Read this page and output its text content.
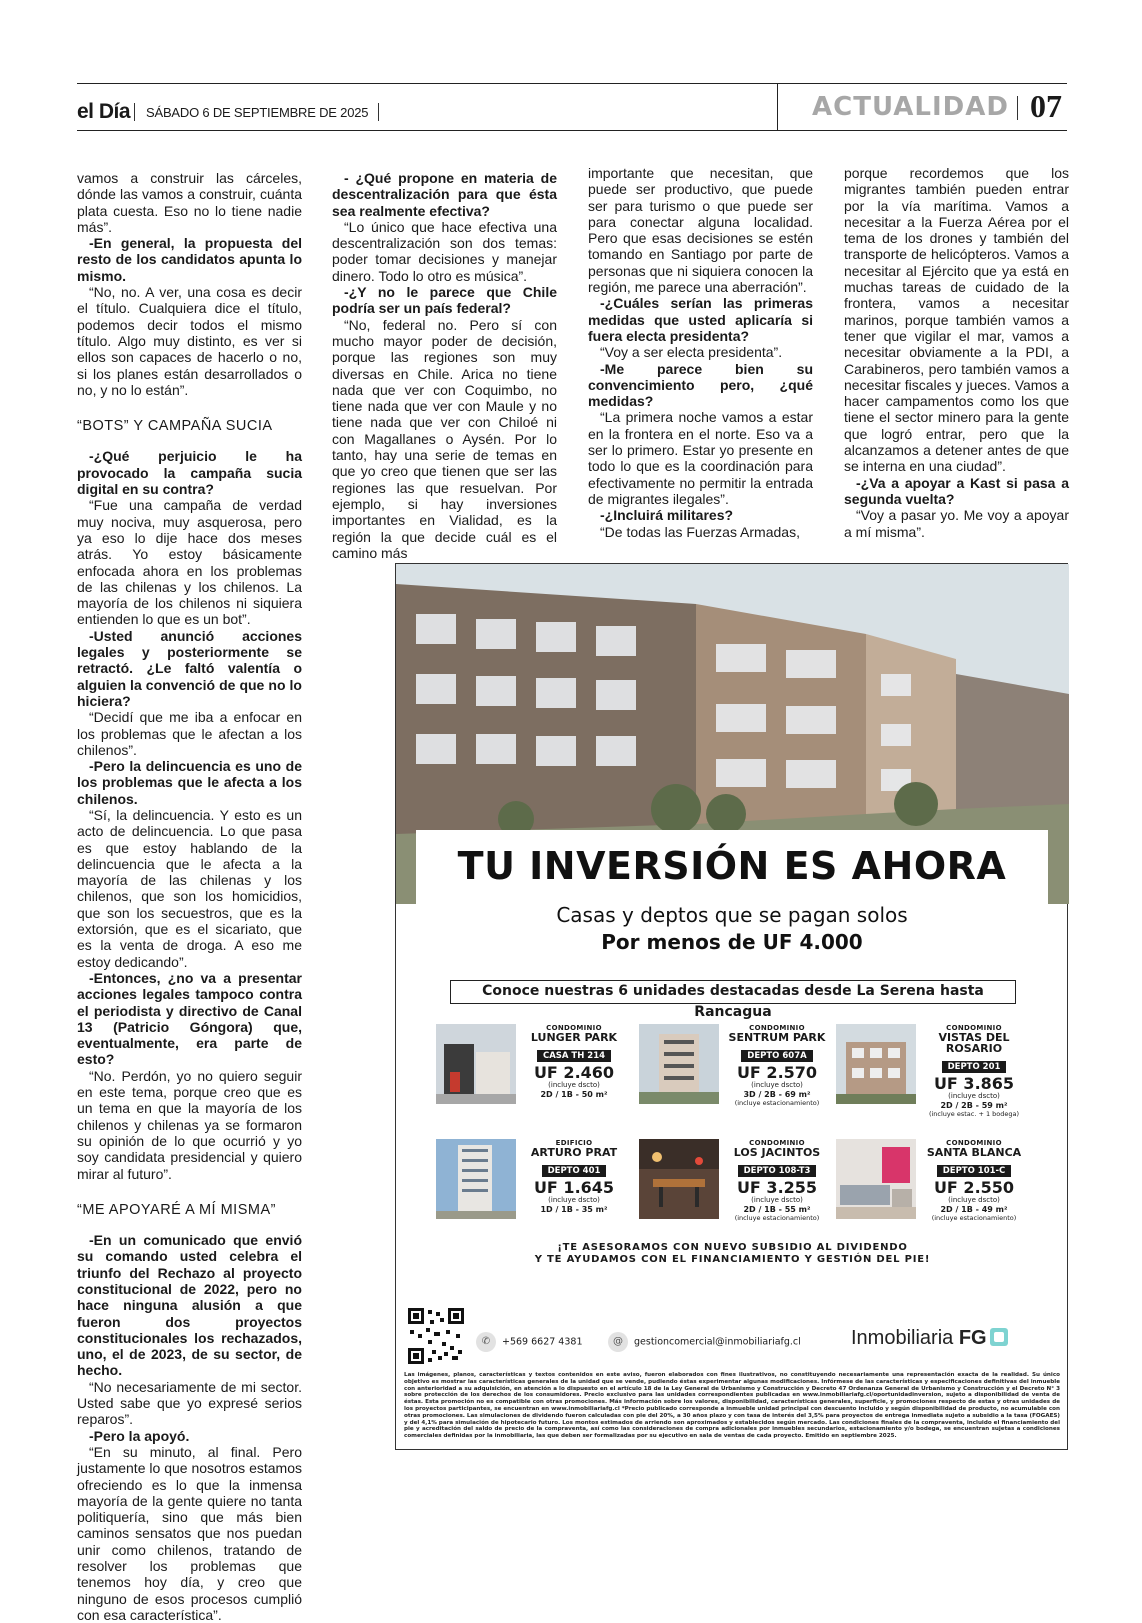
el Día SÁBADO 6 DE SEPTIEMBRE DE 2025	ACTUALIDAD 07

vamos a construir las cárceles, dónde las vamos a construir, cuánta plata cuesta. Eso no lo tiene nadie más”.

-En general, la propuesta del resto de los candidatos apunta lo mismo.

“No, no. A ver, una cosa es decir el título. Cualquiera dice el título, podemos decir todos el mismo título. Algo muy distinto, es ver si ellos son capaces de hacerlo o no, si los planes están desarrollados o no, y no lo están”.

“BOTS” Y CAMPAÑA SUCIA

-¿Qué perjuicio le ha provocado la campaña sucia digital en su contra?

“Fue una campaña de verdad muy nociva, muy asquerosa, pero ya eso lo dije hace dos meses atrás. Yo estoy básicamente enfocada ahora en los problemas de las chilenas y los chilenos. La mayoría de los chilenos ni siquiera entienden lo que es un bot”.

-Usted anunció acciones legales y posteriormente se retractó. ¿Le faltó valentía o alguien la convenció de que no lo hiciera?

“Decidí que me iba a enfocar en los problemas que le afectan a los chilenos”.

-Pero la delincuencia es uno de los problemas que le afecta a los chilenos.

“Sí, la delincuencia. Y esto es un acto de delincuencia. Lo que pasa es que estoy hablando de la delincuencia que le afecta a la mayoría de las chilenas y los chilenos, que son los homicidios, que son los secuestros, que es la extorsión, que es el sicariato, que es la venta de droga. A eso me estoy dedicando”.

-Entonces, ¿no va a presentar acciones legales tampoco contra el periodista y directivo de Canal 13 (Patricio Góngora) que, eventualmente, era parte de esto?

“No. Perdón, yo no quiero seguir en este tema, porque creo que es un tema en que la mayoría de los chilenos y chilenas ya se formaron su opinión de lo que ocurrió y yo soy candidata presidencial y quiero mirar al futuro”.

“ME APOYARÉ A MÍ MISMA”

-En un comunicado que envió su comando usted celebra el triunfo del Rechazo al proyecto constitucional de 2022, pero no hace ninguna alusión a que fueron dos proyectos constitucionales los rechazados, uno, el de 2023, de su sector, de hecho.

“No necesariamente de mi sector. Usted sabe que yo expresé serios reparos”.

-Pero la apoyó.

“En su minuto, al final. Pero justamente lo que nosotros estamos ofreciendo es lo que la inmensa mayoría de la gente quiere no tanta politiquería, sino que más bien caminos sensatos que nos puedan unir como chilenos, tratando de resolver los problemas que tenemos hoy día, y creo que ninguno de esos procesos cumplió con esa característica”.

- ¿Qué propone en materia de descentralización para que ésta sea realmente efectiva?

“Lo único que hace efectiva una descentralización son dos temas: poder tomar decisiones y manejar dinero. Todo lo otro es música”.

-¿Y no le parece que Chile podría ser un país federal?

“No, federal no. Pero sí con mucho mayor poder de decisión, porque las regiones son muy diversas en Chile. Arica no tiene nada que ver con Coquimbo, no tiene nada que ver con Maule y no tiene nada que ver con Chiloé ni con Magallanes o Aysén. Por lo tanto, hay una serie de temas en que yo creo que tienen que ser las regiones las que resuelvan. Por ejemplo, si hay inversiones importantes en Vialidad, es la región la que decide cuál es el camino más

importante que necesitan, que puede ser productivo, que puede ser para turismo o que puede ser para conectar alguna localidad. Pero que esas decisiones se estén tomando en Santiago por parte de personas que ni siquiera conocen la región, me parece una aberración”.

-¿Cuáles serían las primeras medidas que usted aplicaría si fuera electa presidenta?

“Voy a ser electa presidenta”.

-Me parece bien su convencimiento pero, ¿qué medidas?

“La primera noche vamos a estar en la frontera en el norte. Eso va a ser lo primero. Estar yo presente en todo lo que es la coordinación para efectivamente no permitir la entrada de migrantes ilegales”.

-¿Incluirá militares?

“De todas las Fuerzas Armadas,

porque recordemos que los migrantes también pueden entrar por la vía marítima. Vamos a necesitar a la Fuerza Aérea por el tema de los drones y también del transporte de helicópteros. Vamos a necesitar al Ejército que ya está en muchas tareas de cuidado de la frontera, vamos a necesitar marinos, porque también vamos a tener que vigilar el mar, vamos a necesitar obviamente a la PDI, a Carabineros, pero también vamos a necesitar fiscales y jueces. Vamos a hacer campamentos como los que tiene el sector minero para la gente que logró entrar, pero que la alcanzamos a detener antes de que se interna en una ciudad”.

-¿Va a apoyar a Kast si pasa a segunda vuelta?

“Voy a pasar yo. Me voy a apoyar a mí misma”.

TU INVERSIÓN ES AHORA
Casas y deptos que se pagan solos
Por menos de UF 4.000
Conoce nuestras 6 unidades destacadas desde La Serena hasta Rancagua
CONDOMINIO
LUNGER PARK
CASA TH 214
UF 2.460
(incluye dscto)
2D / 1B - 50 m²
CONDOMINIO
SENTRUM PARK
DEPTO 607A
UF 2.570
(incluye dscto)
3D / 2B - 69 m²
(incluye estacionamiento)
CONDOMINIO
VISTAS DEL ROSARIO
DEPTO 201
UF 3.865
(incluye dscto)
2D / 2B - 59 m²
(incluye estac. + 1 bodega)
EDIFICIO
ARTURO PRAT
DEPTO 401
UF 1.645
(incluye dscto)
1D / 1B - 35 m²
CONDOMINIO
LOS JACINTOS
DEPTO 108-T3
UF 3.255
(incluye dscto)
2D / 1B - 55 m²
(incluye estacionamiento)
CONDOMINIO
SANTA BLANCA
DEPTO 101-C
UF 2.550
(incluye dscto)
2D / 1B - 49 m²
(incluye estacionamiento)
¡TE ASESORAMOS CON NUEVO SUBSIDIO AL DIVIDENDO
Y TE AYUDAMOS CON EL FINANCIAMIENTO Y GESTIÓN DEL PIE!
✆ +569 6627 4381	@ gestioncomercial@inmobiliariafg.cl	Inmobiliaria FG
Las imágenes, planos, características y textos contenidos en este aviso, fueron elaborados con fines ilustrativos, no constituyendo necesariamente una representación exacta de la realidad. Su único objetivo es mostrar las características generales de la unidad que se vende, pudiendo éstas experimentar algunas modificaciones. Infórmese de las características y especificaciones definitivas del inmueble con anterioridad a su adquisición, en atención a lo dispuesto en el artículo 18 de la Ley General de Urbanismo y Construcción y Decreto 47 Ordenanza General de Urbanismo y Construcción y el Decreto N° 3 sobre protección de los derechos de los consumidores. Precio exclusivo para las unidades correspondientes publicadas en www.inmobiliariafg.cl/oportunidadinversion, sujeto a disponibilidad de venta de éstas. Esta promoción no es compatible con otras promociones. Más información sobre los valores, disponibilidad, características generales, superficie, y promociones respecto de estas y otras unidades de los proyectos participantes, se encuentran en www.inmobiliariafg.cl *Precio publicado corresponde a inmueble unidad principal con descuento incluido y según disponibilidad de producto, no acumulable con otras promociones. Las simulaciones de dividendo fueron calculadas con pie del 20%, a 30 años plazo y con tasa de interés del 3,5% para proyectos de entrega inmediata sujeto a subsidio a la tasa (FOGAES) y del 4,1% para simulación de hipotecario futuro. Los montos estimados de arriendo son aproximados y establecidos según mercado. Las condiciones finales de la compraventa, incluido el financiamiento del pie y acreditación del saldo de precio de la compraventa, así como las consideraciones de compra adicionales por inmuebles secundarios, estacionamiento y/o bodega, se encuentran sujetas a condiciones comerciales definidas por la inmobiliaria, las que deben ser formalizadas por su ejecutivo en sala de ventas de cada proyecto. Emitido en septiembre 2025.
